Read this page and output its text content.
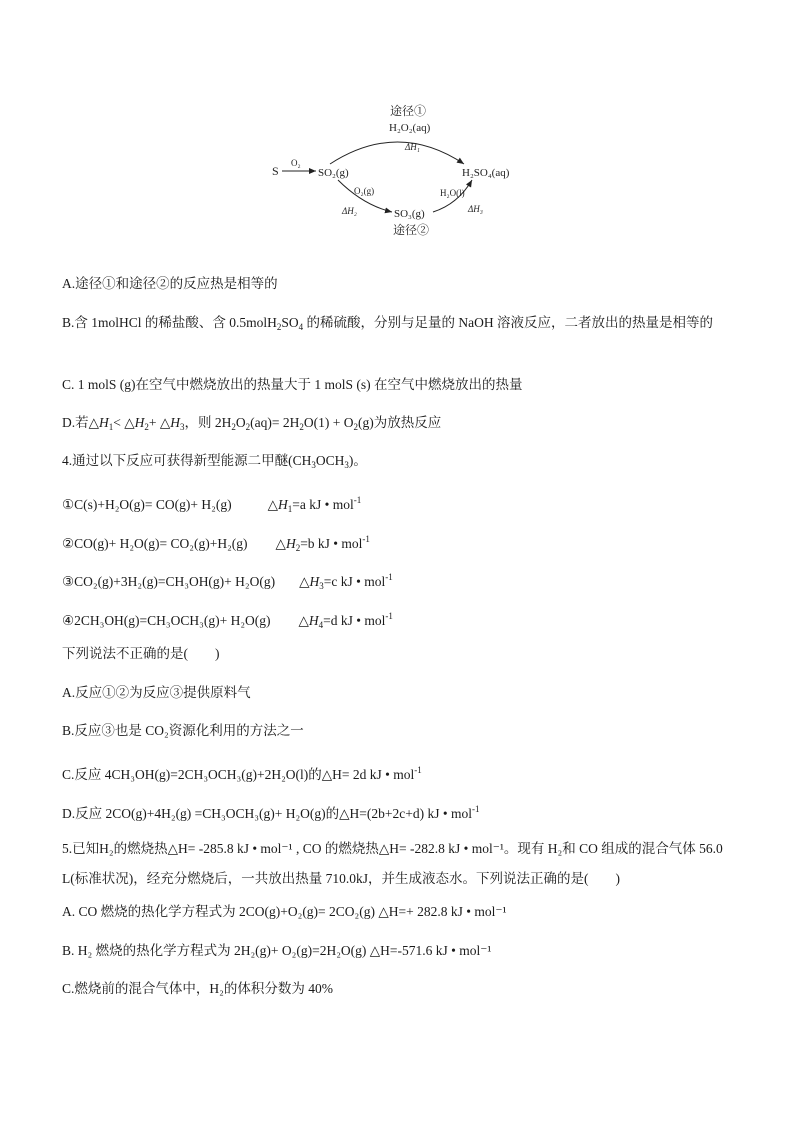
途径①
H₂O₂(aq)
ΔH₁
S
O₂
SO₂(g)	H₂SO₄(aq)
O₂(g)	H₂O(l)
ΔH₂	ΔH₃
SO₃(g)
途径②
A.途径①和途径②的反应热是相等的
B.含 1molHCl 的稀盐酸、含 $0.5molH_2SO_4$ 的稀硫酸，分别与足量的 NaOH 溶液反应，二者放出的热量是相等的
C. 1 molS (g)在空气中燃烧放出的热量大于 1 molS (s) 在空气中燃烧放出的热量
D.若$\triangle H_1<$ $\triangle H_2+$ $\triangle H_3$，则 $2H_2O_2(aq)= 2H_2O(1) + O_2(g)$为放热反应
4.通过以下反应可获得新型能源二甲醚$(CH_3OCH_3)$。
①C(s)+H₂O(g)= CO(g)+ H₂(g)	$\triangle H_1=a$ kJ • mol$^{-1}$
②CO(g)+ H₂O(g)= CO₂(g)+H₂(g) $\triangle H_2=b$ kJ • mol$^{-1}$
③CO₂(g)+3H₂(g)=CH₃OH(g)+ H₂O(g) $\triangle H_3=c$ kJ • mol$^{-1}$
④2CH₃OH(g)=CH₃OCH₃(g)+ H₂O(g) $\triangle H_4=d$ kJ • mol$^{-1}$
下列说法不正确的是(　　)
A.反应①②为反应③提供原料气
B.反应③也是 CO₂资源化利用的方法之一
C.反应 4CH₃OH(g)=2CH₃OCH₃(g)+2H₂O(l)的△H= 2d kJ • mol$^{-1}$
D.反应 2CO(g)+4H₂(g) =CH₃OCH₃(g)+ H₂O(g)的△H=(2b+2c+d) kJ • mol$^{-1}$
5.已知H₂的燃烧热△H= -285.8 kJ • mol⁻¹ , CO 的燃烧热△H= -282.8 kJ • mol⁻¹。现有 H₂和 CO 组成的混合气体 56.0 L(标准状况)，经充分燃烧后，一共放出热量 710.0kJ，并生成液态水。下列说法正确的是(　　)
A. CO 燃烧的热化学方程式为 2CO(g)+O₂(g)= 2CO₂(g) △H=+ 282.8 kJ • mol⁻¹
B. H₂ 燃烧的热化学方程式为 2H₂(g)+ O₂(g)=2H₂O(g) △H=-571.6 kJ • mol⁻¹
C.燃烧前的混合气体中，H₂的体积分数为 40%
